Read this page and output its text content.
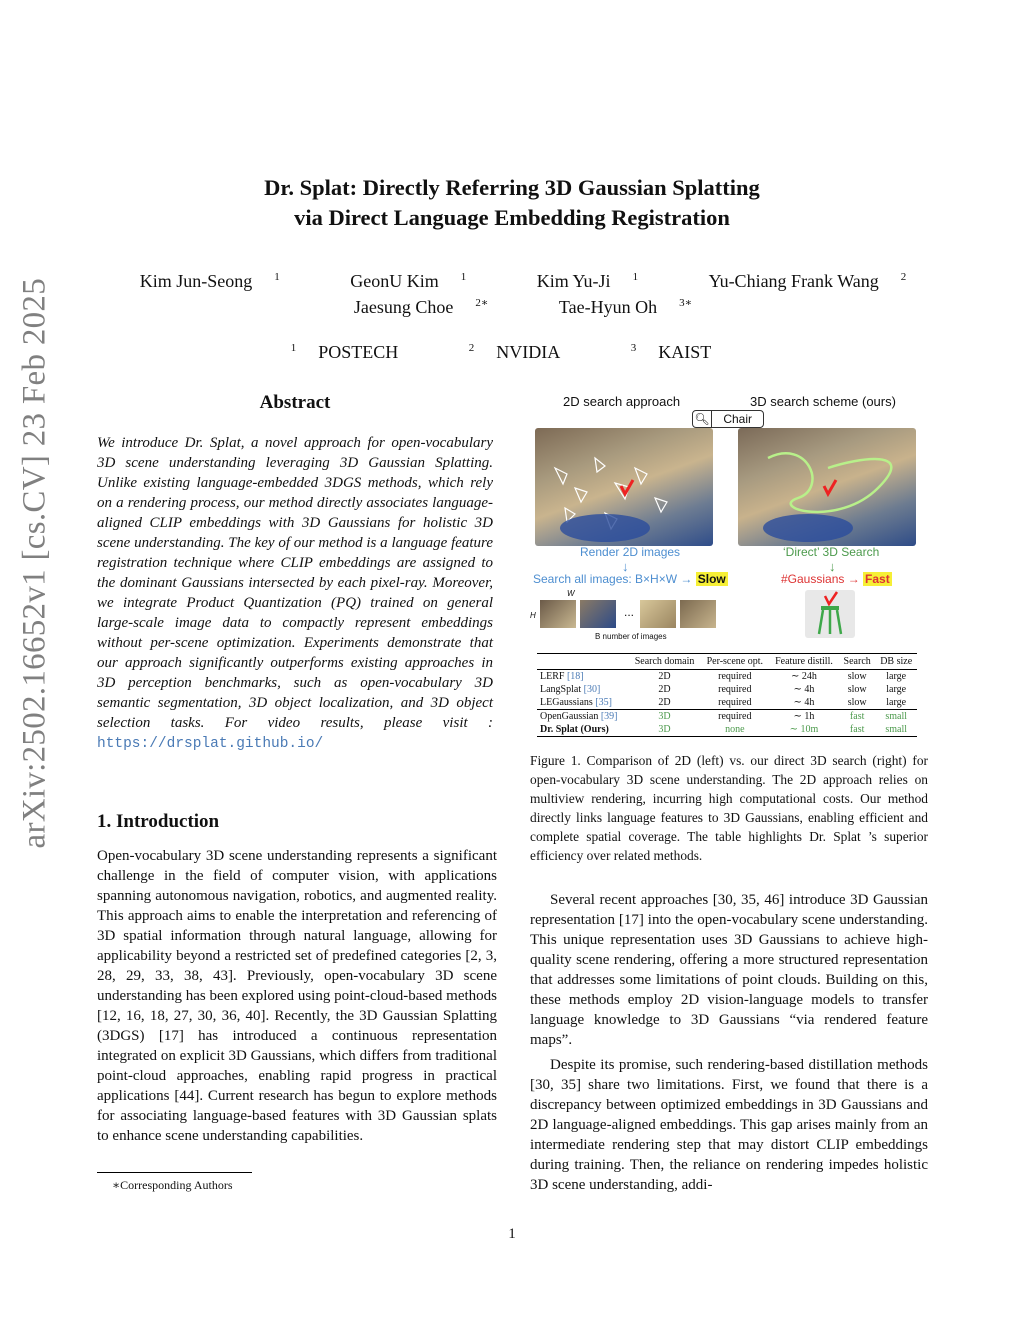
arXiv:2502.16652v1 [cs.CV] 23 Feb 2025
Dr. Splat: Directly Referring 3D Gaussian Splatting
via Direct Language Embedding Registration
Kim Jun-Seong $^1$	GeonU Kim $^1$	Kim Yu-Ji $^1$	Yu-Chiang Frank Wang $^2$
Jaesung Choe $^{2∗}$	Tae-Hyun Oh $^{3∗}$
$^1$ POSTECH	$^2$ NVIDIA	$^3$ KAIST
Abstract
We introduce Dr. Splat, a novel approach for open-vocabulary 3D scene understanding leveraging 3D Gaussian Splatting. Unlike existing language-embedded 3DGS methods, which rely on a rendering process, our method directly associates language-aligned CLIP embeddings with 3D Gaussians for holistic 3D scene understanding. The key of our method is a language feature registration technique where CLIP embeddings are assigned to the dominant Gaussians intersected by each pixel-ray. Moreover, we integrate Product Quantization (PQ) trained on general large-scale image data to compactly represent embeddings without per-scene optimization. Experiments demonstrate that our approach significantly outperforms existing approaches in 3D perception benchmarks, such as open-vocabulary 3D semantic segmentation, 3D object localization, and 3D object selection tasks. For video results, please visit : https://drsplat.github.io/
1. Introduction
Open-vocabulary 3D scene understanding represents a significant challenge in the field of computer vision, with applications spanning autonomous navigation, robotics, and augmented reality. This approach aims to enable the interpretation and referencing of 3D spatial information through natural language, allowing for applicability beyond a restricted set of predefined categories [2, 3, 28, 29, 33, 38, 43]. Previously, open-vocabulary 3D scene understanding has been explored using point-cloud-based methods [12, 16, 18, 27, 30, 36, 40]. Recently, the 3D Gaussian Splatting (3DGS) [17] has introduced a continuous representation integrated on explicit 3D Gaussians, which differs from traditional point-cloud approaches, enabling rapid progress in practical applications [44]. Current research has begun to explore methods for associating language-based features with 3D Gaussian splats to enhance scene understanding capabilities.
∗Corresponding Authors
2D search approach	3D search scheme (ours)
🔍︎ Chair
Render 2D images	‘Direct’ 3D Search
↓	↓
Search all images: B×H×W → Slow	#Gaussians → Fast
W
H	...
B number of images
	Search domain	Per-scene opt.	Feature distill.	Search	DB size
LERF [18]	2D	required	∼ 24h	slow	large
LangSplat [30]	2D	required	∼ 4h	slow	large
LEGaussians [35]	2D	required	∼ 4h	slow	large
OpenGaussian [39]	3D	required	∼ 1h	fast	small
Dr. Splat (Ours)	3D	none	∼ 10m	fast	small
Figure 1. Comparison of 2D (left) vs. our direct 3D search (right) for open-vocabulary 3D scene understanding. The 2D approach relies on multiview rendering, incurring high computational costs. Our method directly links language features to 3D Gaussians, enabling efficient and complete spatial coverage. The table highlights Dr. Splat ’s superior efficiency over related methods.
Several recent approaches [30, 35, 46] introduce 3D Gaussian representation [17] into the open-vocabulary scene understanding. This unique representation uses 3D Gaussians to achieve high-quality scene rendering, offering a more structured representation that addresses some limitations of point clouds. Building on this, these methods employ 2D vision-language models to transfer language knowledge to 3D Gaussians “via rendered feature maps”.
Despite its promise, such rendering-based distillation methods [30, 35] share two limitations. First, we found that there is a discrepancy between optimized embeddings in 3D Gaussians and 2D language-aligned embeddings. This gap arises mainly from an intermediate rendering step that may distort CLIP embeddings during training. Then, the reliance on rendering impedes holistic 3D scene understanding, addi-
1
